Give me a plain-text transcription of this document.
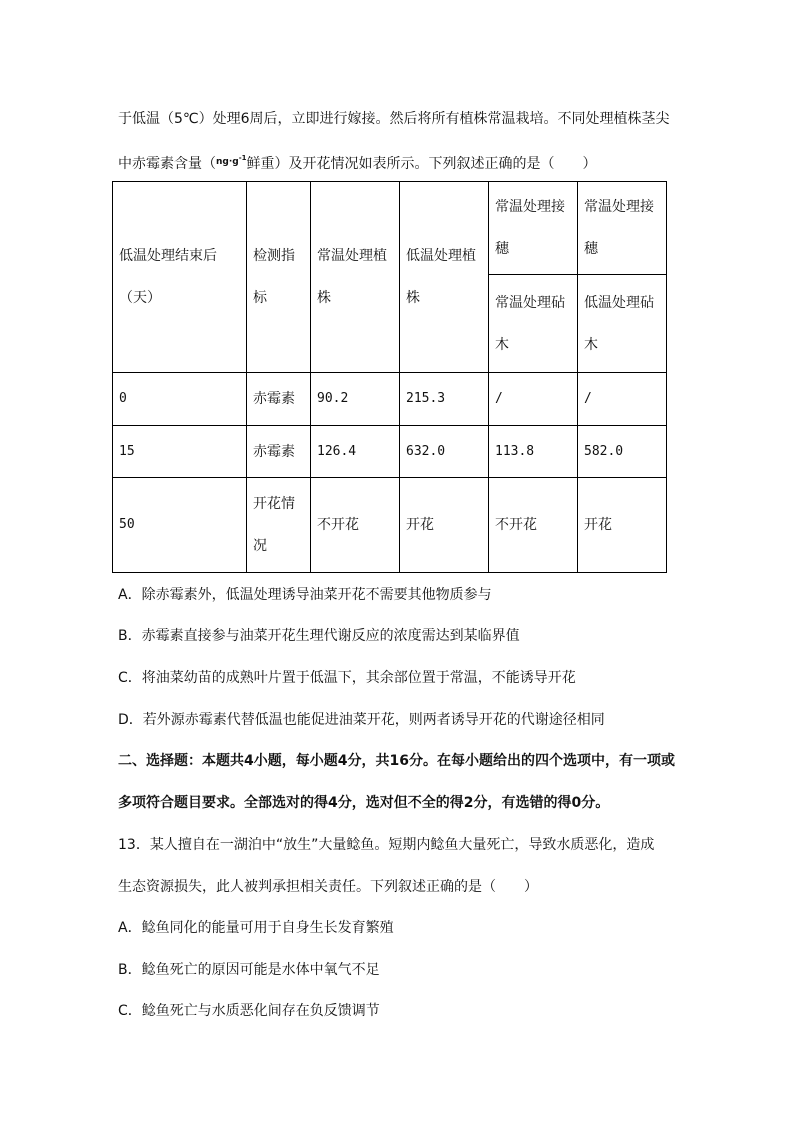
于低温（5℃）处理6周后，立即进行嫁接。然后将所有植株常温栽培。不同处理植株茎尖
中赤霉素含量（$^{ng\cdot g^{-1}}$鲜重）及开花情况如表所示。下列叙述正确的是（　　）
低温处理结束后（天）	检测指标	常温处理植株	低温处理植株	常温处理接穗	常温处理接穗
				常温处理砧木	低温处理砧木
0	赤霉素	90.2	215.3	/	/
15	赤霉素	126.4	632.0	113.8	582.0
50	开花情况	不开花	开花	不开花	开花
A．除赤霉素外，低温处理诱导油菜开花不需要其他物质参与
B．赤霉素直接参与油菜开花生理代谢反应的浓度需达到某临界值
C．将油菜幼苗的成熟叶片置于低温下，其余部位置于常温，不能诱导开花
D．若外源赤霉素代替低温也能促进油菜开花，则两者诱导开花的代谢途径相同
二、选择题：本题共4小题，每小题4分，共16分。在每小题给出的四个选项中，有一项或
多项符合题目要求。全部选对的得4分，选对但不全的得2分，有选错的得0分。
13．某人擅自在一湖泊中“放生”大量鲶鱼。短期内鲶鱼大量死亡，导致水质恶化，造成
生态资源损失，此人被判承担相关责任。下列叙述正确的是（　　）
A．鲶鱼同化的能量可用于自身生长发育繁殖
B．鲶鱼死亡的原因可能是水体中氧气不足
C．鲶鱼死亡与水质恶化间存在负反馈调节
